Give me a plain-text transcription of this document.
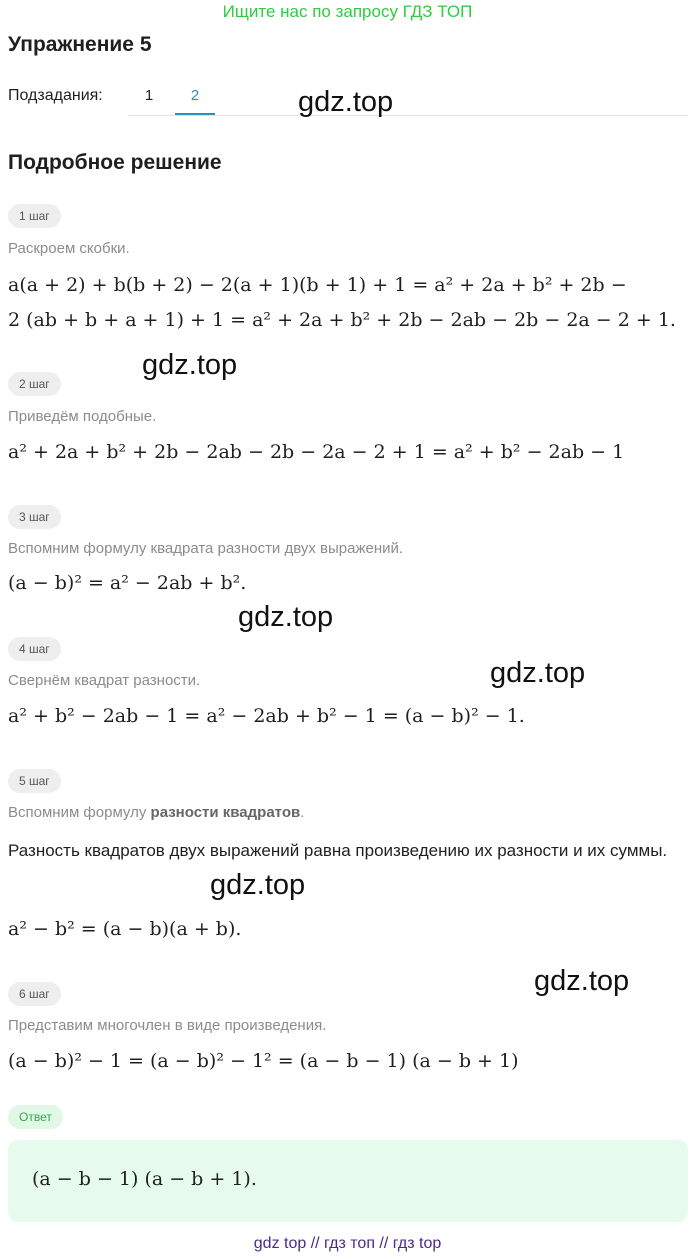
Ищите нас по запросу ГДЗ ТОП
Упражнение 5
Подзадания:	1	2	gdz.top
Подробное решение
1 шаг
Раскроем скобки.
a(a + 2) + b(b + 2) − 2(a + 1)(b + 1) + 1 = a² + 2a + b² + 2b −
2 (ab + b + a + 1) + 1 = a² + 2a + b² + 2b − 2ab − 2b − 2a − 2 + 1.
gdz.top
2 шаг
Приведём подобные.
a² + 2a + b² + 2b − 2ab − 2b − 2a − 2 + 1 = a² + b² − 2ab − 1
3 шаг
Вспомним формулу квадрата разности двух выражений.
(a − b)² = a² − 2ab + b².
gdz.top
4 шаг
Свернём квадрат разности.	gdz.top
a² + b² − 2ab − 1 = a² − 2ab + b² − 1 = (a − b)² − 1.
5 шаг
Вспомним формулу разности квадратов.
Разность квадратов двух выражений равна произведению их разности и их суммы.
gdz.top
a² − b² = (a − b)(a + b).
6 шаг	gdz.top
Представим многочлен в виде произведения.
(a − b)² − 1 = (a − b)² − 1² = (a − b − 1) (a − b + 1)
Ответ
(a − b − 1) (a − b + 1).
gdz top // гдз топ // гдз top
